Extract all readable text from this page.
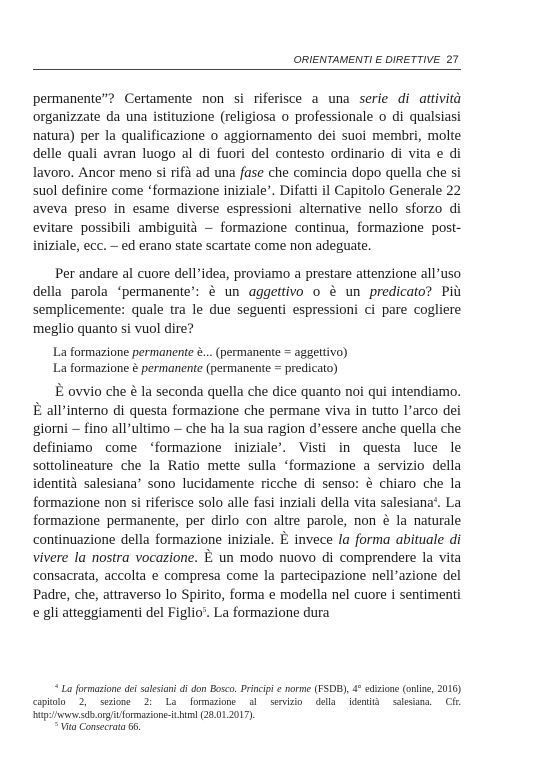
ORIENTAMENTI E DIRETTIVE 27

permanente”? Certamente non si riferisce a una serie di attività organizzate da una istituzione (religiosa o professionale o di qualsiasi natura) per la qualificazione o aggiornamento dei suoi membri, molte delle quali avran luogo al di fuori del contesto ordinario di vita e di lavoro. Ancor meno si rifà ad una fase che comincia dopo quella che si suol definire come ‘formazione iniziale’. Difatti il Capitolo Generale 22 aveva preso in esame diverse espressioni alternative nello sforzo di evitare possibili ambiguità – formazione continua, formazione post-iniziale, ecc. – ed erano state scartate come non adeguate.

Per andare al cuore dell’idea, proviamo a prestare attenzione all’uso della parola ‘permanente’: è un aggettivo o è un predicato? Più semplicemente: quale tra le due seguenti espressioni ci pare cogliere meglio quanto si vuol dire?

La formazione permanente è... (permanente = aggettivo)
La formazione è permanente (permanente = predicato)

È ovvio che è la seconda quella che dice quanto noi qui intendiamo. È all’interno di questa formazione che permane viva in tutto l’arco dei giorni – fino all’ultimo – che ha la sua ragion d’essere anche quella che definiamo come ‘formazione iniziale’. Visti in questa luce le sottolineature che la Ratio mette sulla ‘formazione a servizio della identità salesiana’ sono lucidamente ricche di senso: è chiaro che la formazione non si riferisce solo alle fasi inziali della vita salesiana$^4$. La formazione permanente, per dirlo con altre parole, non è la naturale continuazione della formazione iniziale. È invece la forma abituale di vivere la nostra vocazione. È un modo nuovo di comprendere la vita consacrata, accolta e compresa come la partecipazione nell’azione del Padre, che, attraverso lo Spirito, forma e modella nel cuore i sentimenti e gli atteggiamenti del Figlio$^5$. La formazione dura

$^4$ La formazione dei salesiani di don Bosco. Principi e norme (FSDB), 4° edizione (online, 2016) capitolo 2, sezione 2: La formazione al servizio della identità salesiana. Cfr. http://www.sdb.org/it/formazione-it.html (28.01.2017).

$^5$ Vita Consecrata 66.
